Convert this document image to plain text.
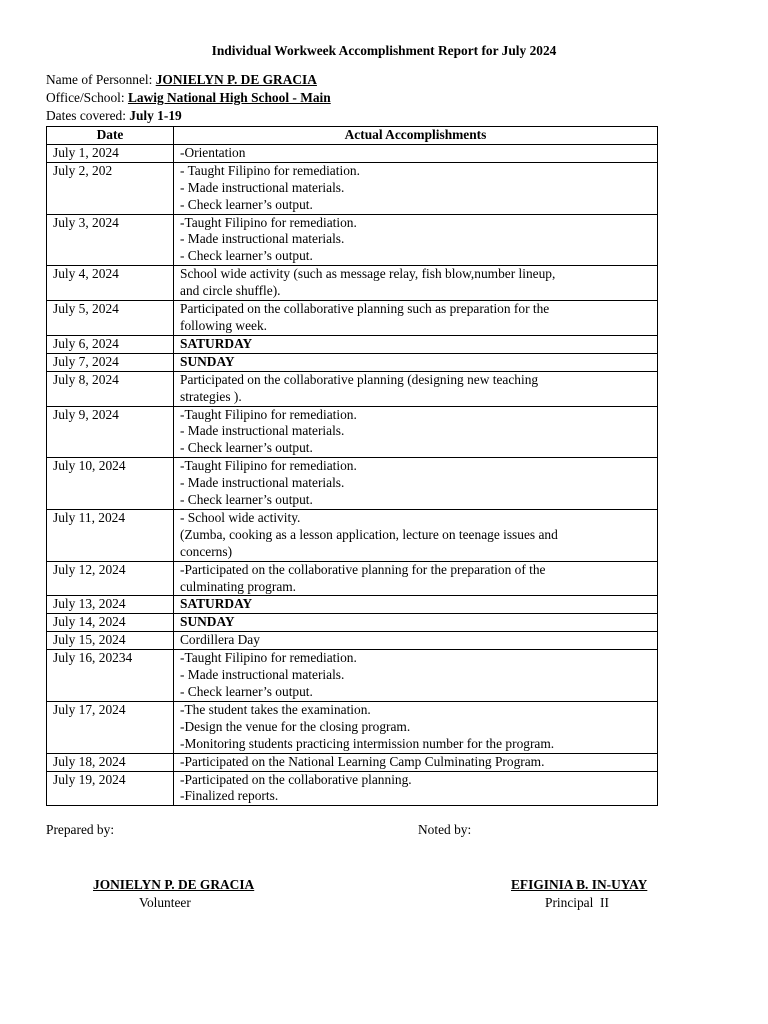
Individual Workweek Accomplishment Report for July 2024
Name of Personnel: JONIELYN P. DE GRACIA
Office/School: Lawig National High School - Main
Dates covered: July 1-19
Date	Actual Accomplishments
July 1, 2024	-Orientation

July 2, 202	- Taught Filipino for remediation.
- Made instructional materials.
- Check learner’s output.

July 3, 2024	-Taught Filipino for remediation.
- Made instructional materials.
- Check learner’s output.

July 4, 2024	School wide activity (such as message relay, fish blow,number lineup,
and circle shuffle).

July 5, 2024	Participated on the collaborative planning such as preparation for the
following week.

July 6, 2024	SATURDAY

July 7, 2024	SUNDAY

July 8, 2024	Participated on the collaborative planning (designing new teaching
strategies ).

July 9, 2024	-Taught Filipino for remediation.
- Made instructional materials.
- Check learner’s output.

July 10, 2024	-Taught Filipino for remediation.
- Made instructional materials.
- Check learner’s output.

July 11, 2024	- School wide activity.
(Zumba, cooking as a lesson application, lecture on teenage issues and
concerns)

July 12, 2024	-Participated on the collaborative planning for the preparation of the
culminating program.

July 13, 2024	SATURDAY

July 14, 2024	SUNDAY

July 15, 2024	Cordillera Day

July 16, 20234	-Taught Filipino for remediation.
- Made instructional materials.
- Check learner’s output.

July 17, 2024	-The student takes the examination.
-Design the venue for the closing program.
-Monitoring students practicing intermission number for the program.

July 18, 2024	-Participated on the National Learning Camp Culminating Program.

July 19, 2024	-Participated on the collaborative planning.
-Finalized reports.
Prepared by:	Noted by:
JONIELYN P. DE GRACIA
Volunteer
EFIGINIA B. IN-UYAY
Principal  II
